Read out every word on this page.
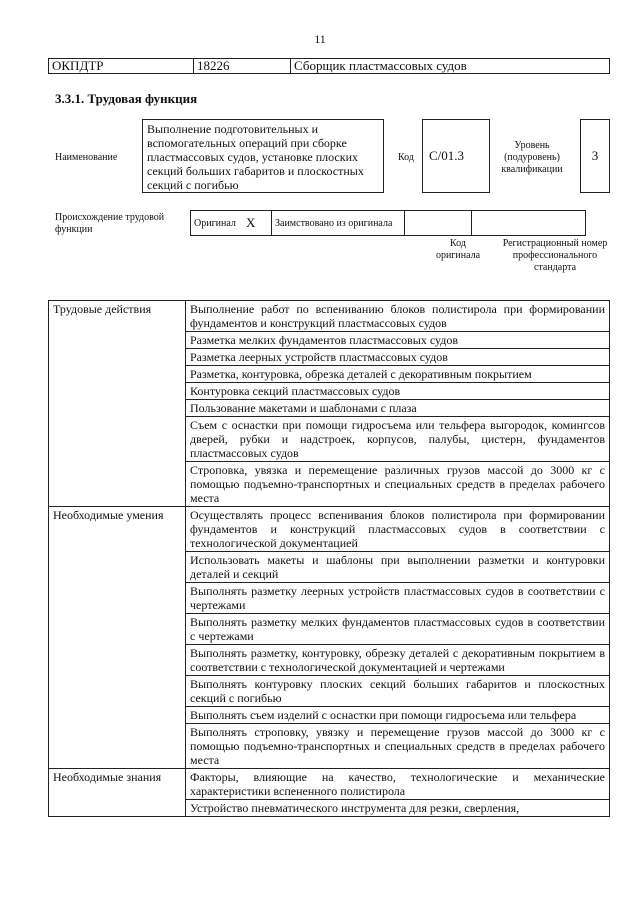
11
ОКПДТР	18226	Сборщик пластмассовых судов
3.3.1. Трудовая функция
Наименование
Выполнение подготовительных и вспомогательных операций при сборке пластмассовых судов, установке плоских секций больших габаритов и плоскостных секций с погибью
Код	C/01.3
Уровень (подуровень) квалификации
3
Происхождение трудовой функции
Оригинал	X	Заимствовано из оригинала		
Код оригинала
Регистрационный номер профессионального стандарта
Трудовые действия	Выполнение работ по вспениванию блоков полистирола при формировании фундаментов и конструкций пластмассовых судов
	Разметка мелких фундаментов пластмассовых судов
	Разметка леерных устройств пластмассовых судов
	Разметка, контуровка, обрезка деталей с декоративным покрытием
	Контуровка секций пластмассовых судов
	Пользование макетами и шаблонами с плаза
	Съем с оснастки при помощи гидросъема или тельфера выгородок, комингсов дверей, рубки и надстроек, корпусов, палубы, цистерн, фундаментов пластмассовых судов
	Строповка, увязка и перемещение различных грузов массой до 3000 кг с помощью подъемно-транспортных и специальных средств в пределах рабочего места
Необходимые умения	Осуществлять процесс вспенивания блоков полистирола при формировании фундаментов и конструкций пластмассовых судов в соответствии с технологической документацией
	Использовать макеты и шаблоны при выполнении разметки и контуровки деталей и секций
	Выполнять разметку леерных устройств пластмассовых судов в соответствии с чертежами
	Выполнять разметку мелких фундаментов пластмассовых судов в соответствии с чертежами
	Выполнять разметку, контуровку, обрезку деталей с декоративным покрытием в соответствии с технологической документацией и чертежами
	Выполнять контуровку плоских секций больших габаритов и плоскостных секций с погибью
	Выполнять съем изделий с оснастки при помощи гидросъема или тельфера
	Выполнять строповку, увязку и перемещение грузов массой до 3000 кг с помощью подъемно-транспортных и специальных средств в пределах рабочего места
Необходимые знания	Факторы, влияющие на качество, технологические и механические характеристики вспененного полистирола
	Устройство пневматического инструмента для резки, сверления,
